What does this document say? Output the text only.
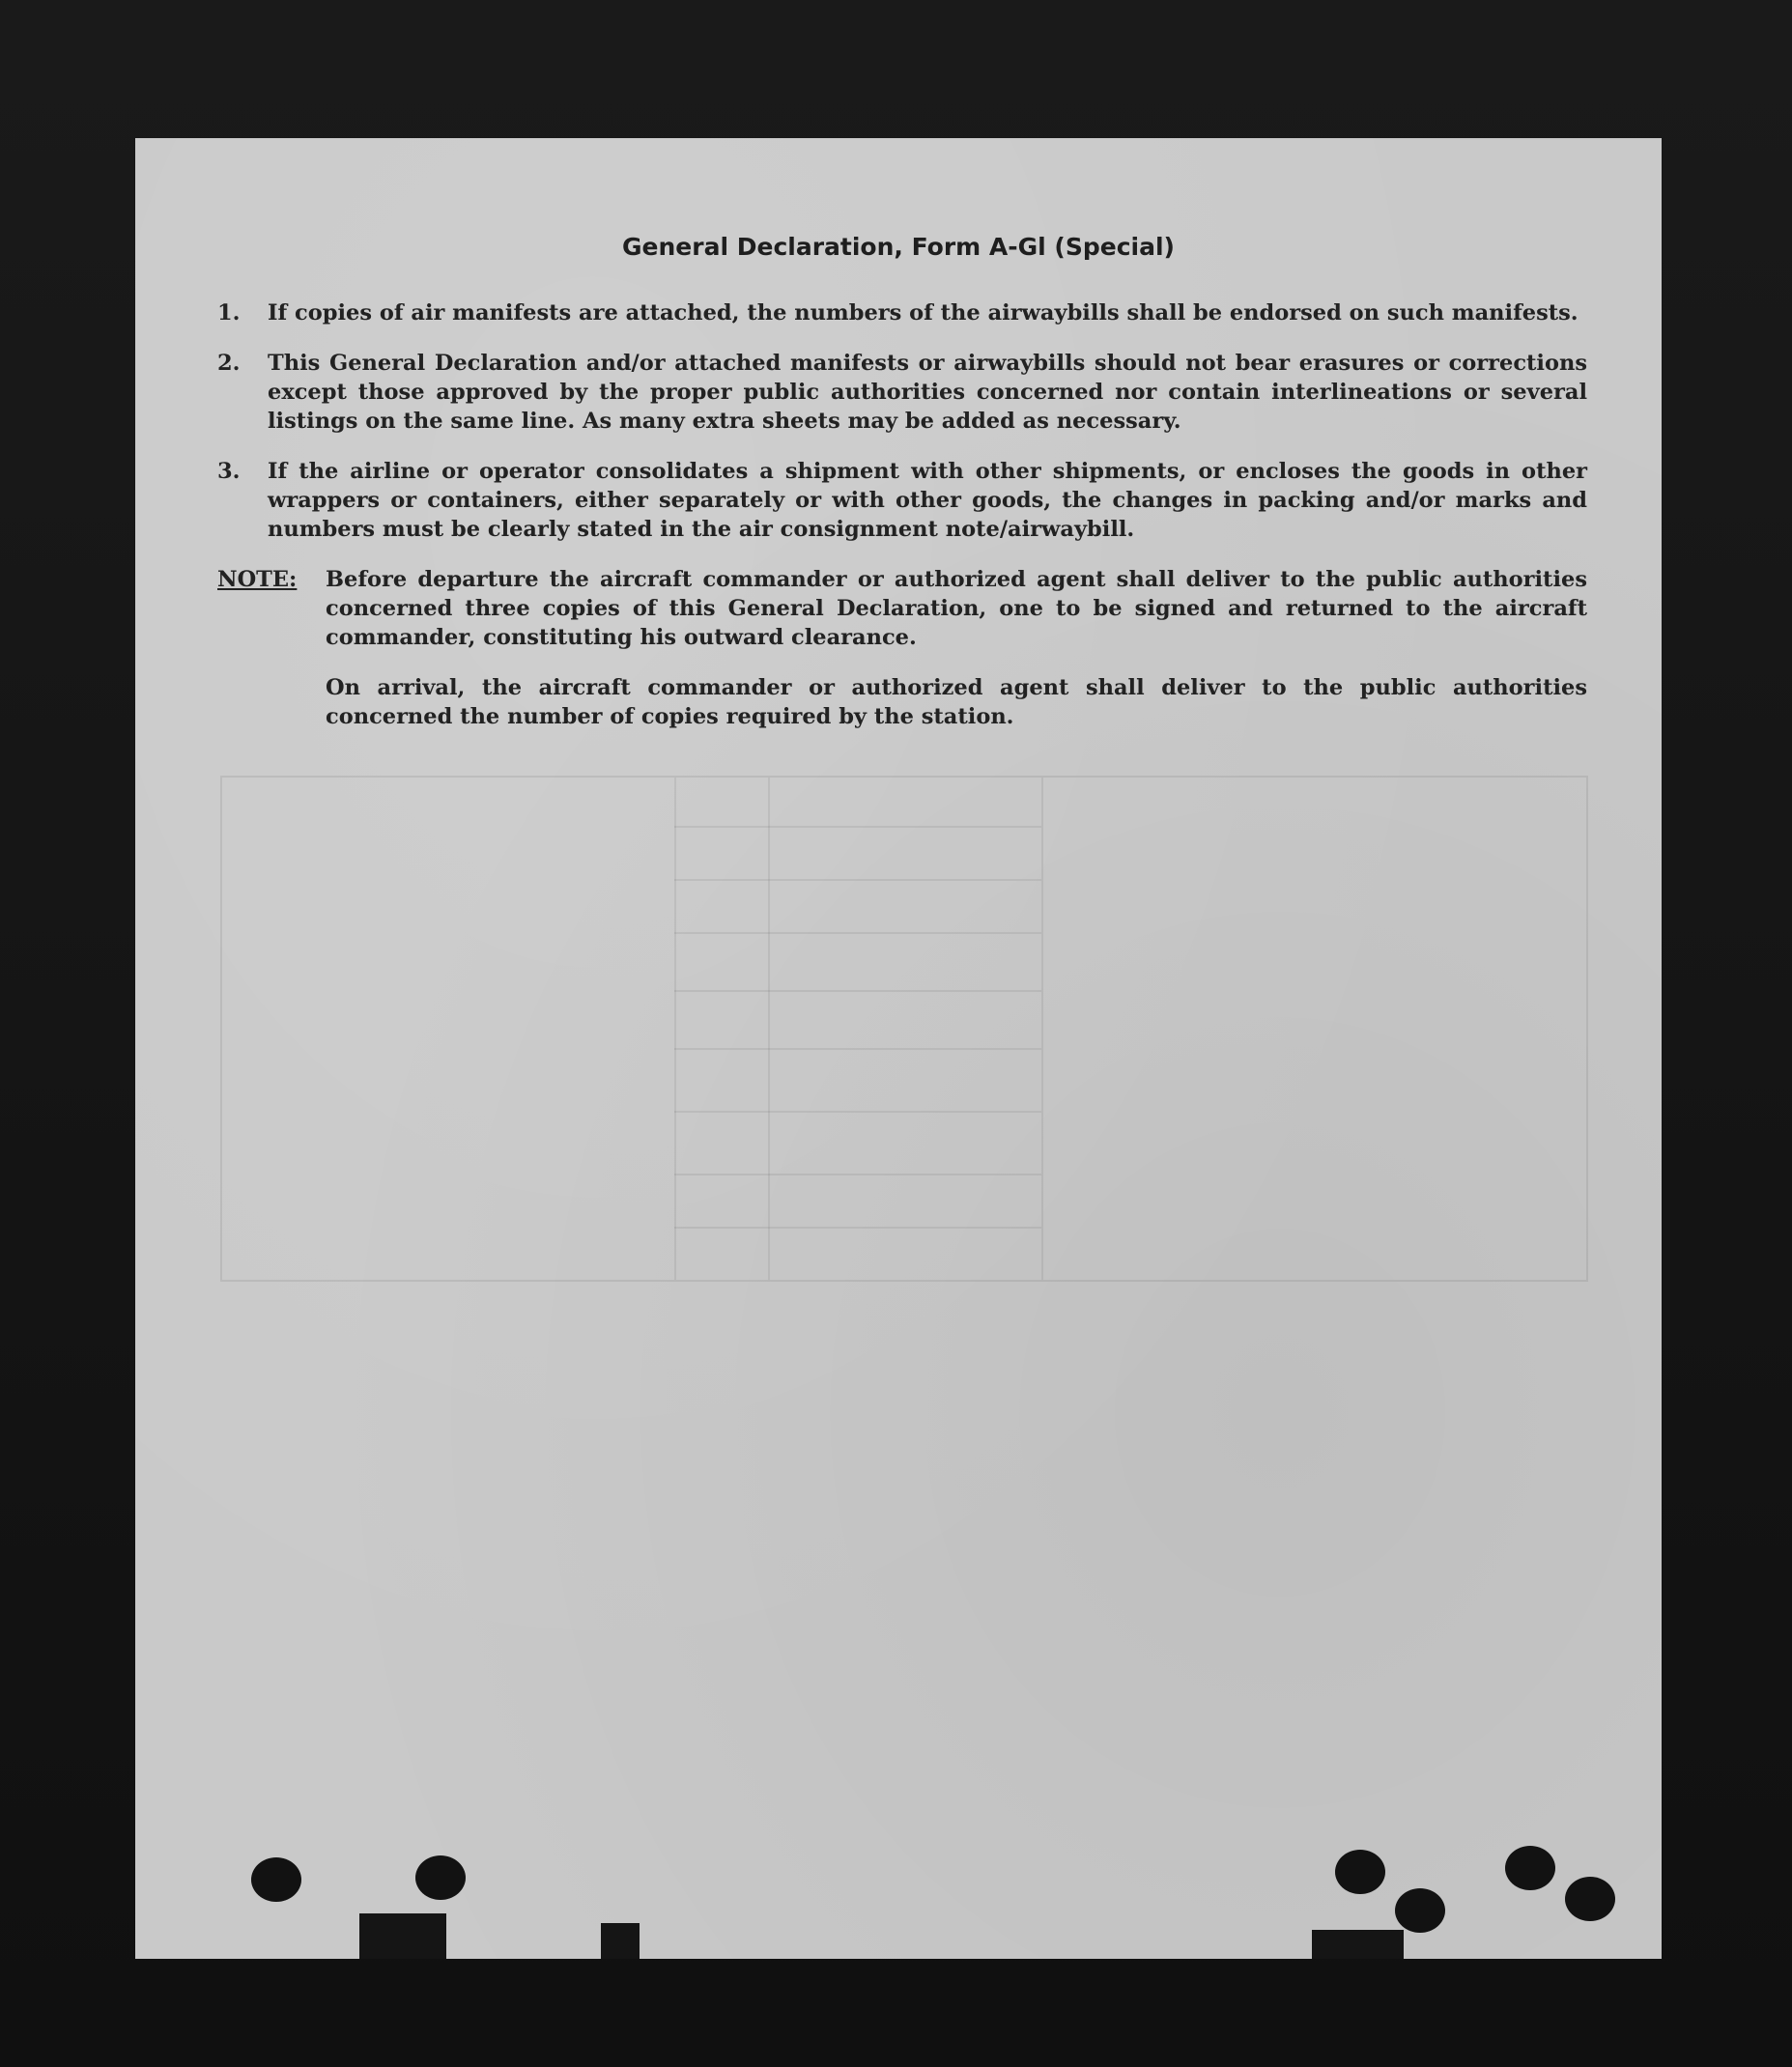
General Declaration, Form A-Gl (Special)
1.	If copies of air manifests are attached, the numbers of the airwaybills shall be endorsed on such manifests.
2.	This General Declaration and/or attached manifests or airwaybills should not bear erasures or corrections except those approved by the proper public authorities concerned nor contain interlineations or several listings on the same line. As many extra sheets may be added as necessary.
3.	If the airline or operator consolidates a shipment with other shipments, or encloses the goods in other wrappers or containers, either separately or with other goods, the changes in packing and/or marks and numbers must be clearly stated in the air consignment note/airwaybill.
NOTE:	Before departure the aircraft commander or authorized agent shall deliver to the public authorities concerned three copies of this General Declaration, one to be signed and returned to the aircraft commander, constituting his outward clearance.
On arrival, the aircraft commander or authorized agent shall deliver to the public authorities concerned the number of copies required by the station.
